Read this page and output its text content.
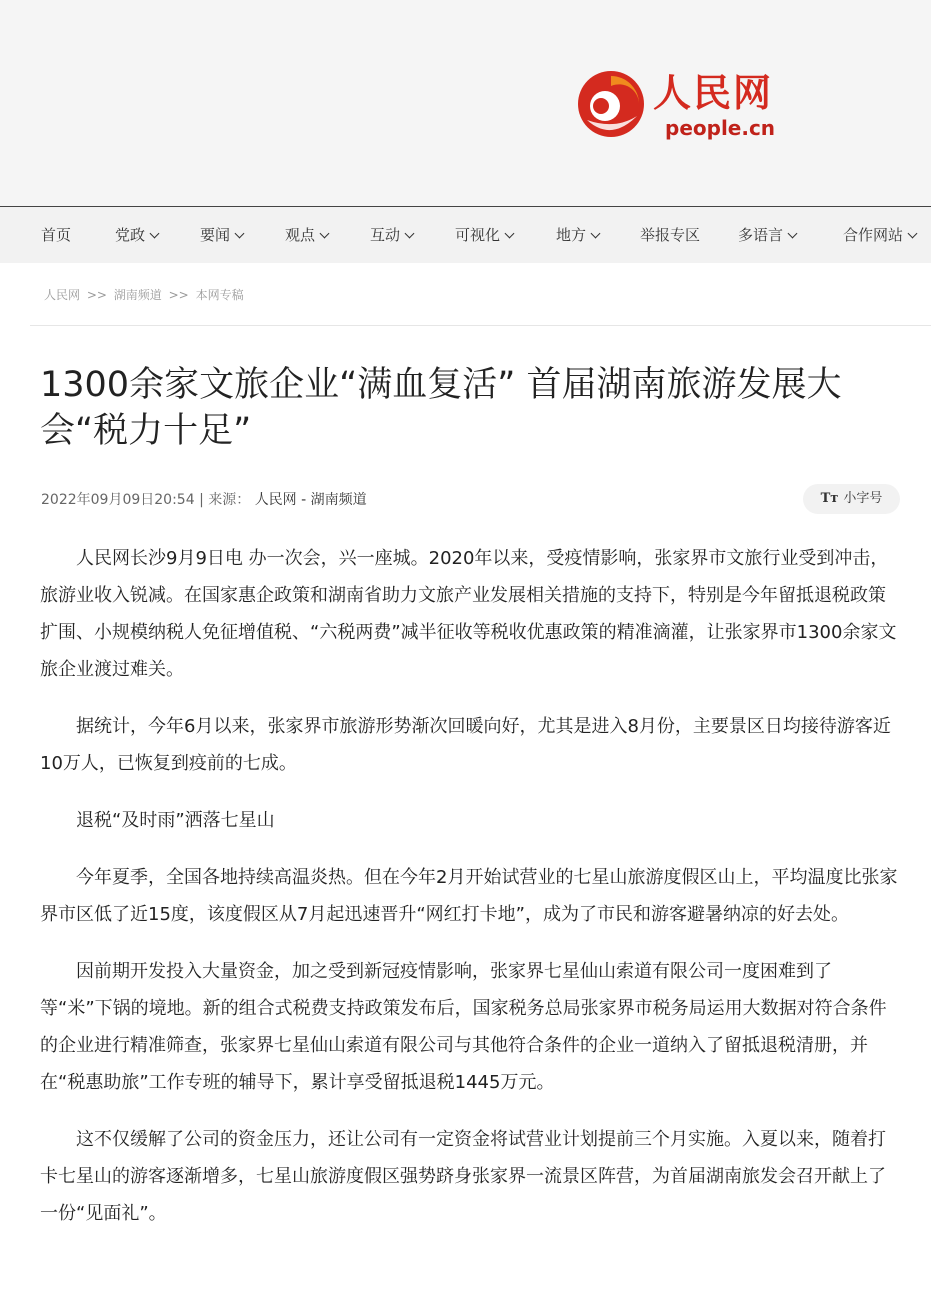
人民网
people.cn
首页	党政	要闻	观点	互动	可视化	地方	举报专区	多语言	合作网站
人民网 >> 湖南频道 >> 本网专稿
1300余家文旅企业“满血复活” 首届湖南旅游发展大会“税力十足”
2022年09月09日20:54 | 来源： 人民网 - 湖南频道	Tт 小字号

人民网长沙9月9日电 办一次会，兴一座城。2020年以来，受疫情影响，张家界市文旅行业受到冲击，旅游业收入锐减。在国家惠企政策和湖南省助力文旅产业发展相关措施的支持下，特别是今年留抵退税政策扩围、小规模纳税人免征增值税、“六税两费”减半征收等税收优惠政策的精准滴灌，让张家界市1300余家文旅企业渡过难关。

据统计，今年6月以来，张家界市旅游形势渐次回暖向好，尤其是进入8月份，主要景区日均接待游客近10万人，已恢复到疫前的七成。

退税“及时雨”洒落七星山

今年夏季，全国各地持续高温炎热。但在今年2月开始试营业的七星山旅游度假区山上，平均温度比张家界市区低了近15度，该度假区从7月起迅速晋升“网红打卡地”，成为了市民和游客避暑纳凉的好去处。

因前期开发投入大量资金，加之受到新冠疫情影响，张家界七星仙山索道有限公司一度困难到了等“米”下锅的境地。新的组合式税费支持政策发布后，国家税务总局张家界市税务局运用大数据对符合条件的企业进行精准筛查，张家界七星仙山索道有限公司与其他符合条件的企业一道纳入了留抵退税清册，并在“税惠助旅”工作专班的辅导下，累计享受留抵退税1445万元。

这不仅缓解了公司的资金压力，还让公司有一定资金将试营业计划提前三个月实施。入夏以来，随着打卡七星山的游客逐渐增多，七星山旅游度假区强势跻身张家界一流景区阵营，为首届湖南旅发会召开献上了一份“见面礼”。
